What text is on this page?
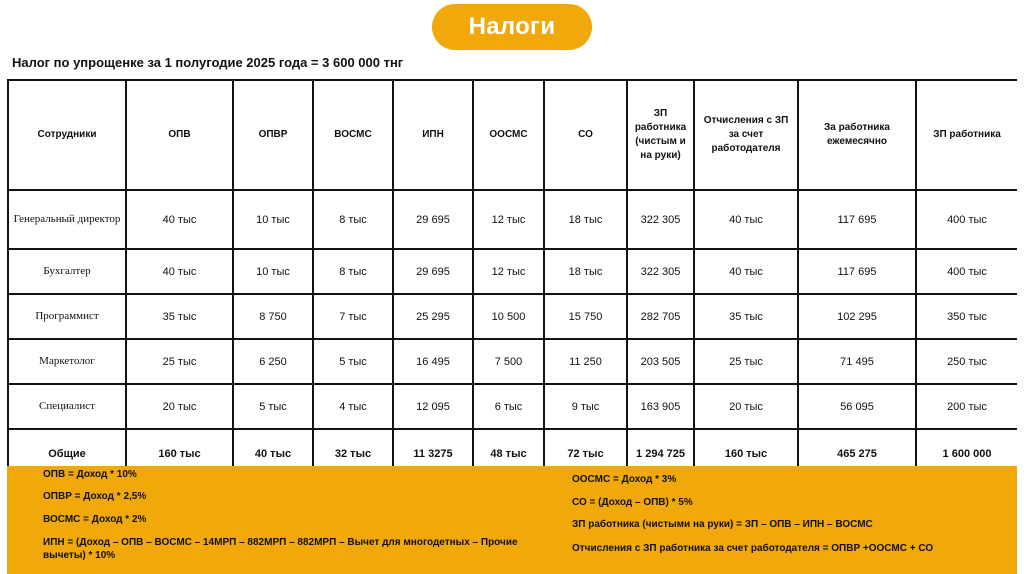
Налоги
Налог по упрощенке за 1 полугодие 2025 года = 3 600 000 тнг
Сотрудники	ОПВ	ОПВР	ВОСМС	ИПН	ООСМС	СО	ЗП работника (чистым и на руки)	Отчисления с ЗП за счет работодателя	За работника ежемесячно	ЗП работника
Генеральный директор	40 тыс	10 тыс	8 тыс	29 695	12 тыс	18 тыс	322 305	40 тыс	117 695	400 тыс
Бухгалтер	40 тыс	10 тыс	8 тыс	29 695	12 тыс	18 тыс	322 305	40 тыс	117 695	400 тыс
Программист	35 тыс	8 750	7 тыс	25 295	10 500	15 750	282 705	35 тыс	102 295	350 тыс
Маркетолог	25 тыс	6 250	5 тыс	16 495	7 500	11 250	203 505	25 тыс	71 495	250 тыс
Специалист	20 тыс	5 тыс	4 тыс	12 095	6 тыс	9 тыс	163 905	20 тыс	56 095	200 тыс
Общие	160 тыс	40 тыс	32 тыс	11 3275	48 тыс	72 тыс	1 294 725	160 тыс	465 275	1 600 000
ОПВ = Доход * 10%
ОПВР = Доход * 2,5%
ВОСМС = Доход * 2%
ИПН = (Доход – ОПВ – ВОСМС – 14МРП – 882МРП – 882МРП – Вычет для многодетных – Прочие вычеты) * 10%
ООСМС = Доход * 3%
СО = (Доход – ОПВ) * 5%
ЗП работника (чистыми на руки) = ЗП – ОПВ – ИПН – ВОСМС
Отчисления с ЗП работника за счет работодателя = ОПВР +ООСМС + СО
